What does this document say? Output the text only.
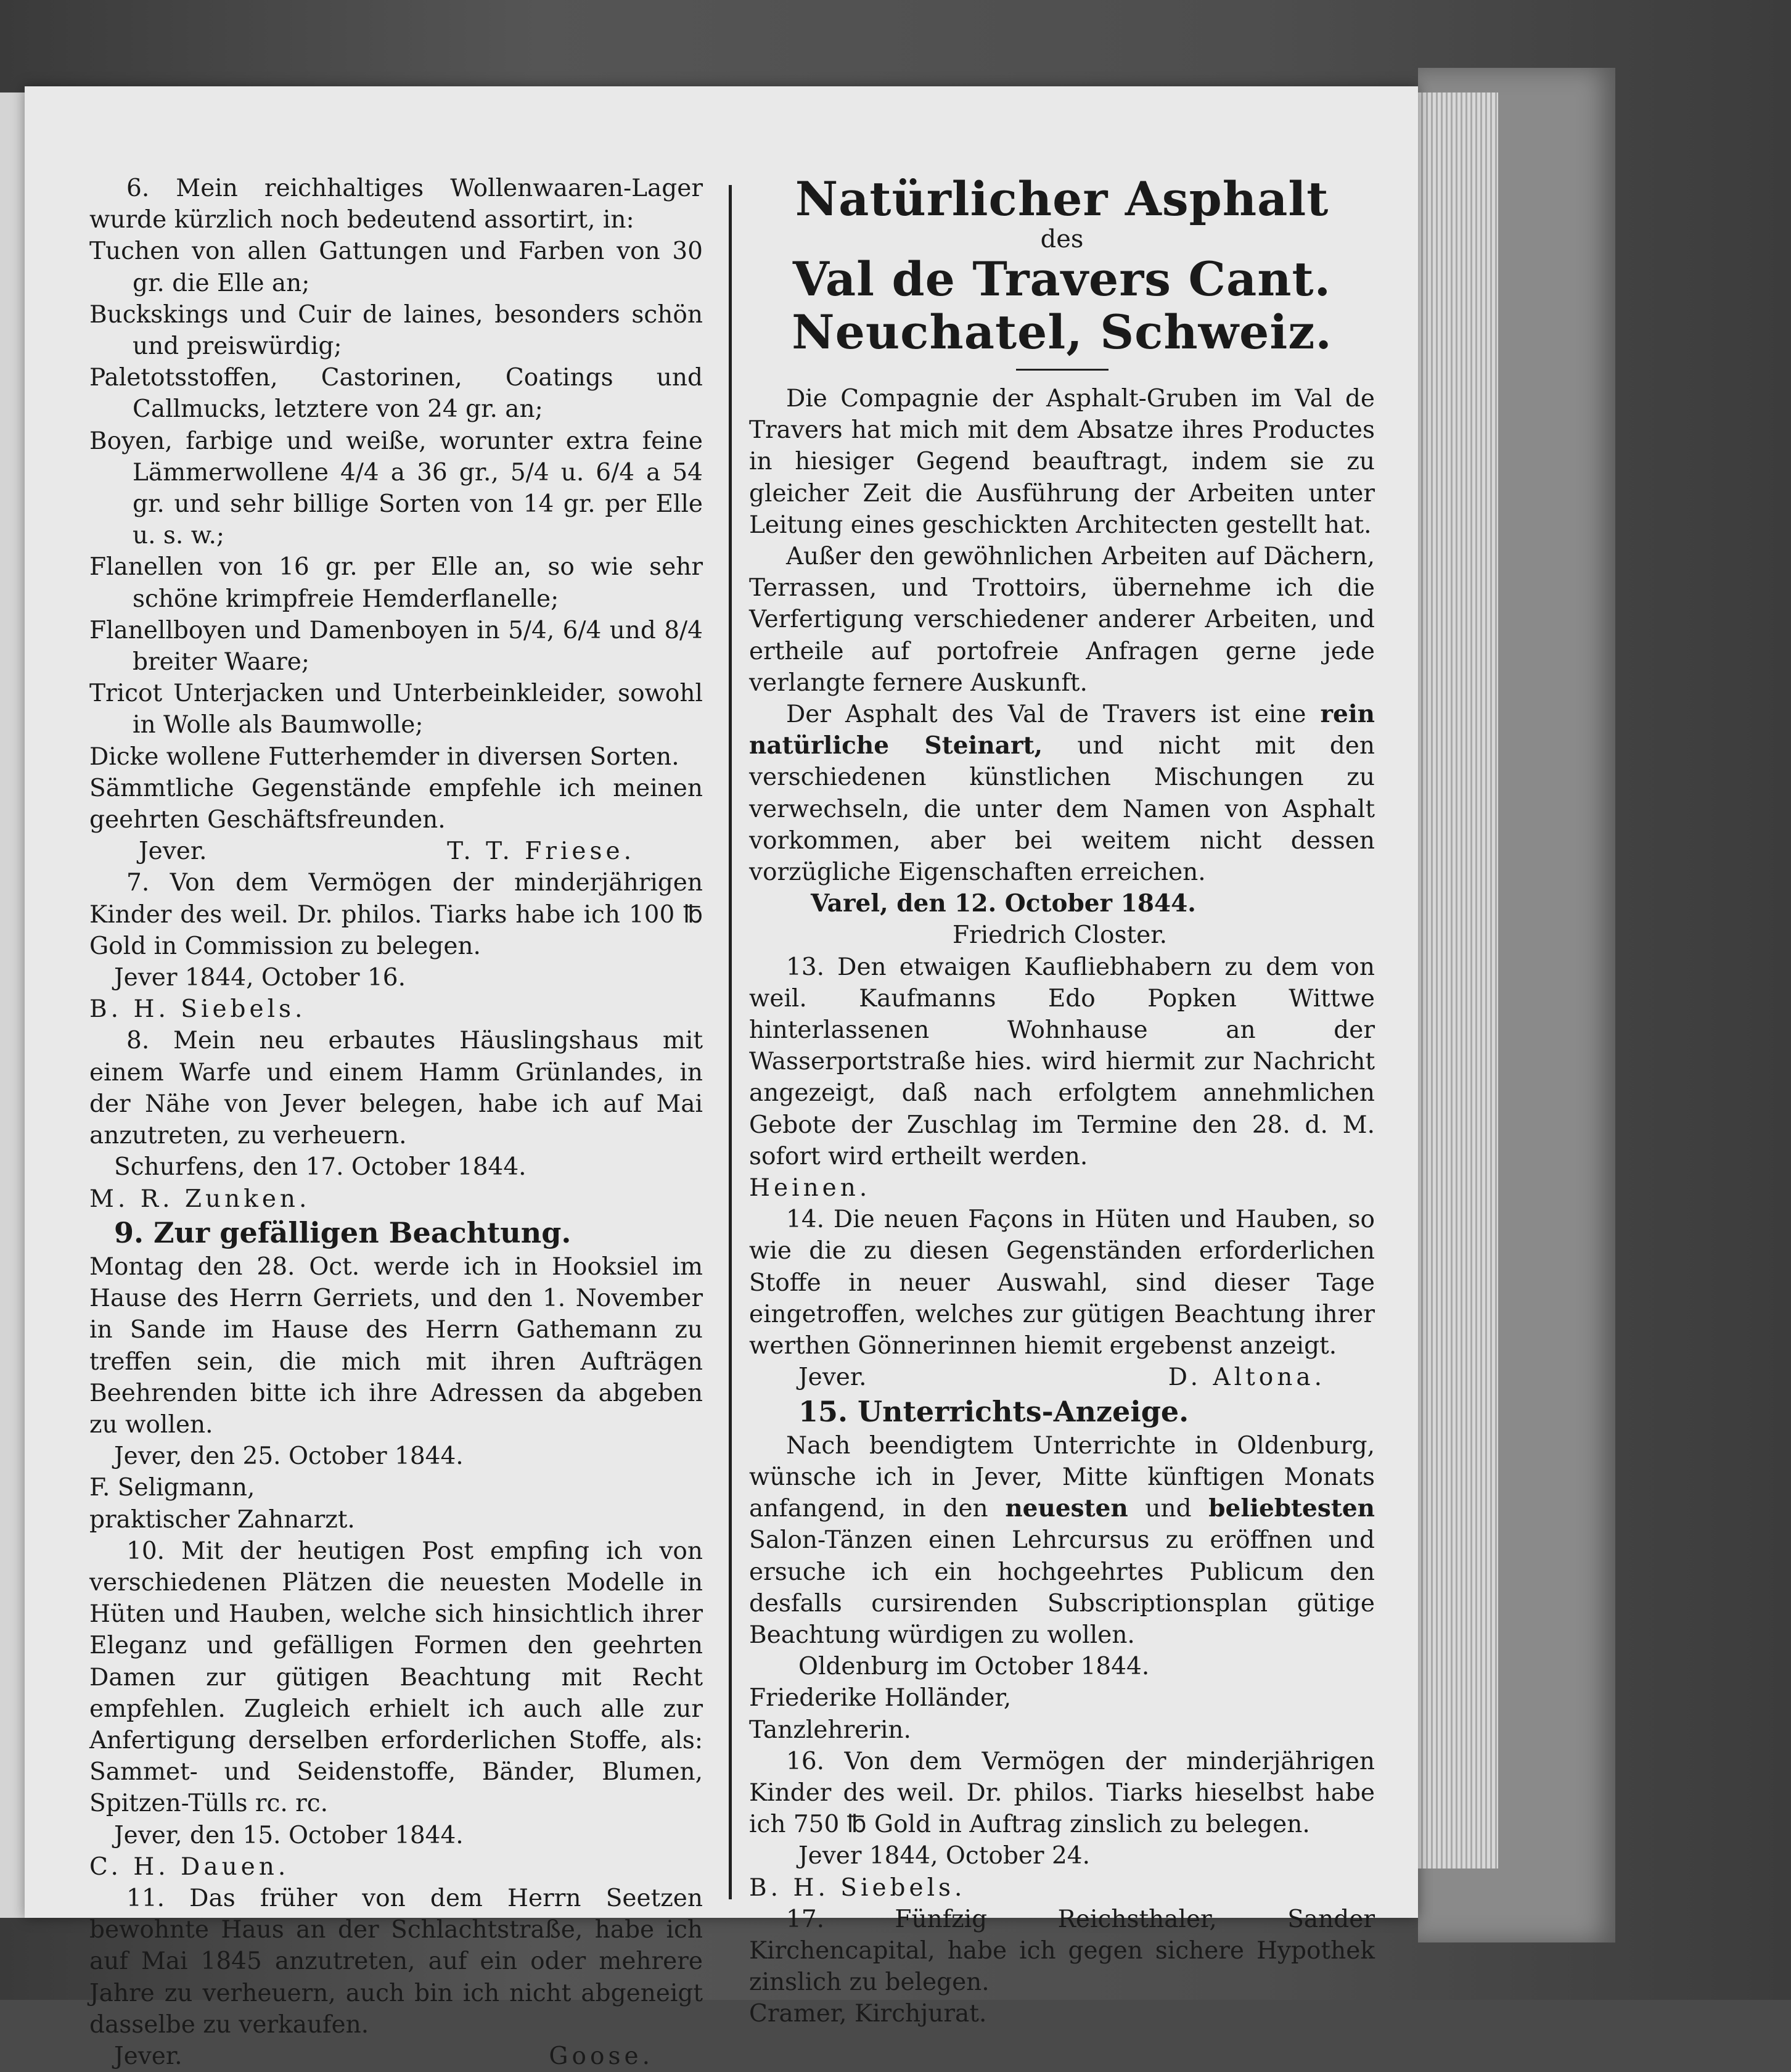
6. Mein reichhaltiges Wollenwaaren-Lager wurde kürzlich noch bedeutend assortirt, in:

Tuchen von allen Gattungen und Farben von 30 gr. die Elle an;

Buckskings und Cuir de laines, besonders schön und preiswürdig;

Paletotsstoffen, Castorinen, Coatings und Callmucks, letztere von 24 gr. an;

Boyen, farbige und weiße, worunter extra feine Lämmerwollene 4/4 a 36 gr., 5/4 u. 6/4 a 54 gr. und sehr billige Sorten von 14 gr. per Elle u. s. w.;

Flanellen von 16 gr. per Elle an, so wie sehr schöne krimpfreie Hemderflanelle;

Flanellboyen und Damenboyen in 5/4, 6/4 und 8/4 breiter Waare;

Tricot Unterjacken und Unterbeinkleider, sowohl in Wolle als Baumwolle;

Dicke wollene Futterhemder in diversen Sorten.

Sämmtliche Gegenstände empfehle ich meinen geehrten Geschäftsfreunden.

Jever.	T. T. Friese.

7. Von dem Vermögen der minderjährigen Kinder des weil. Dr. philos. Tiarks habe ich 100 ℔ Gold in Commission zu belegen.

Jever 1844, October 16.

B. H. Siebels.

8. Mein neu erbautes Häuslingshaus mit einem Warfe und einem Hamm Grünlandes, in der Nähe von Jever belegen, habe ich auf Mai anzutreten, zu verheuern.

Schurfens, den 17. October 1844.

M. R. Zunken.

9. Zur gefälligen Beachtung.

Montag den 28. Oct. werde ich in Hooksiel im Hause des Herrn Gerriets, und den 1. November in Sande im Hause des Herrn Gathemann zu treffen sein, die mich mit ihren Aufträgen Beehrenden bitte ich ihre Adressen da abgeben zu wollen.

Jever, den 25. October 1844.

F. Seligmann,

praktischer Zahnarzt.

10. Mit der heutigen Post empfing ich von verschiedenen Plätzen die neuesten Modelle in Hüten und Hauben, welche sich hinsichtlich ihrer Eleganz und gefälligen Formen den geehrten Damen zur gütigen Beachtung mit Recht empfehlen. Zugleich erhielt ich auch alle zur Anfertigung derselben erforderlichen Stoffe, als: Sammet- und Seidenstoffe, Bänder, Blumen, Spitzen-Tülls rc. rc.

Jever, den 15. October 1844.

C. H. Dauen.

11. Das früher von dem Herrn Seetzen bewohnte Haus an der Schlachtstraße, habe ich auf Mai 1845 anzutreten, auf ein oder mehrere Jahre zu verheuern, auch bin ich nicht abgeneigt dasselbe zu verkaufen.

Jever.	Goose.

Natürlicher Asphalt

des

Val de Travers Cant.

Neuchatel, Schweiz.

Die Compagnie der Asphalt-Gruben im Val de Travers hat mich mit dem Absatze ihres Productes in hiesiger Gegend beauftragt, indem sie zu gleicher Zeit die Ausführung der Arbeiten unter Leitung eines geschickten Architecten gestellt hat.

Außer den gewöhnlichen Arbeiten auf Dächern, Terrassen, und Trottoirs, übernehme ich die Verfertigung verschiedener anderer Arbeiten, und ertheile auf portofreie Anfragen gerne jede verlangte fernere Auskunft.

Der Asphalt des Val de Travers ist eine rein natürliche Steinart, und nicht mit den verschiedenen künstlichen Mischungen zu verwechseln, die unter dem Namen von Asphalt vorkommen, aber bei weitem nicht dessen vorzügliche Eigenschaften erreichen.

Varel, den 12. October 1844.

Friedrich Closter.

13. Den etwaigen Kaufliebhabern zu dem von weil. Kaufmanns Edo Popken Wittwe hinterlassenen Wohnhause an der Wasserportstraße hies. wird hiermit zur Nachricht angezeigt, daß nach erfolgtem annehmlichen Gebote der Zuschlag im Termine den 28. d. M. sofort wird ertheilt werden.

Heinen.

14. Die neuen Façons in Hüten und Hauben, so wie die zu diesen Gegenständen erforderlichen Stoffe in neuer Auswahl, sind dieser Tage eingetroffen, welches zur gütigen Beachtung ihrer werthen Gönnerinnen hiemit ergebenst anzeigt.

Jever.	D. Altona.

15. Unterrichts-Anzeige.

Nach beendigtem Unterrichte in Oldenburg, wünsche ich in Jever, Mitte künftigen Monats anfangend, in den neuesten und beliebtesten Salon-Tänzen einen Lehrcursus zu eröffnen und ersuche ich ein hochgeehrtes Publicum den desfalls cursirenden Subscriptionsplan gütige Beachtung würdigen zu wollen.

Oldenburg im October 1844.

Friederike Holländer,

Tanzlehrerin.

16. Von dem Vermögen der minderjährigen Kinder des weil. Dr. philos. Tiarks hieselbst habe ich 750 ℔ Gold in Auftrag zinslich zu belegen.

Jever 1844, October 24.

B. H. Siebels.

17. Fünfzig Reichsthaler, Sander Kirchencapital, habe ich gegen sichere Hypothek zinslich zu belegen.

Cramer, Kirchjurat.
